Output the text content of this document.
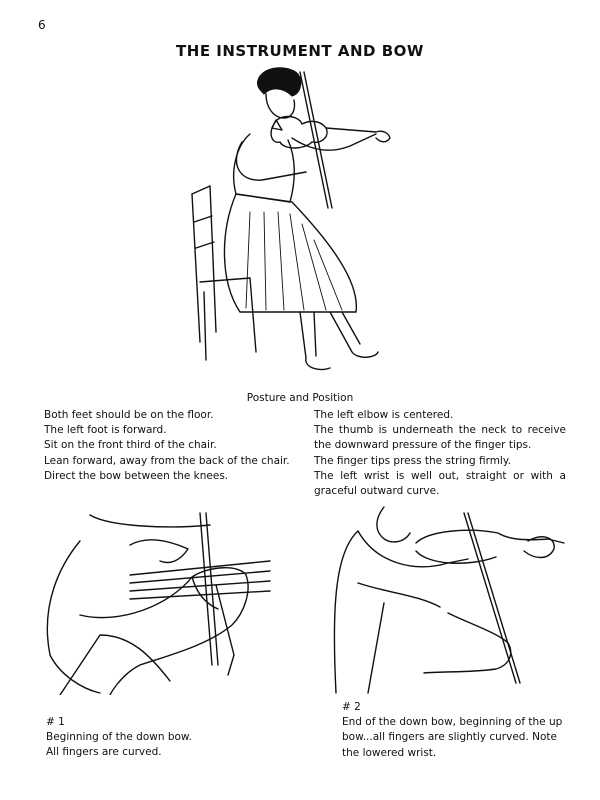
6
THE INSTRUMENT AND BOW
Posture and Position
Both feet should be on the floor.
The left foot is forward.
Sit on the front third of the chair.
Lean forward, away from the back of the chair.
Direct the bow between the knees.
The left elbow is centered.
The thumb is underneath the neck to receive the downward pressure of the finger tips.
The finger tips press the string firmly.
The left wrist is well out, straight or with a graceful outward curve.
# 1
Beginning of the down bow.
All fingers are curved.
# 2
End of the down bow, beginning of the up bow...all fingers are slightly curved. Note the lowered wrist.
